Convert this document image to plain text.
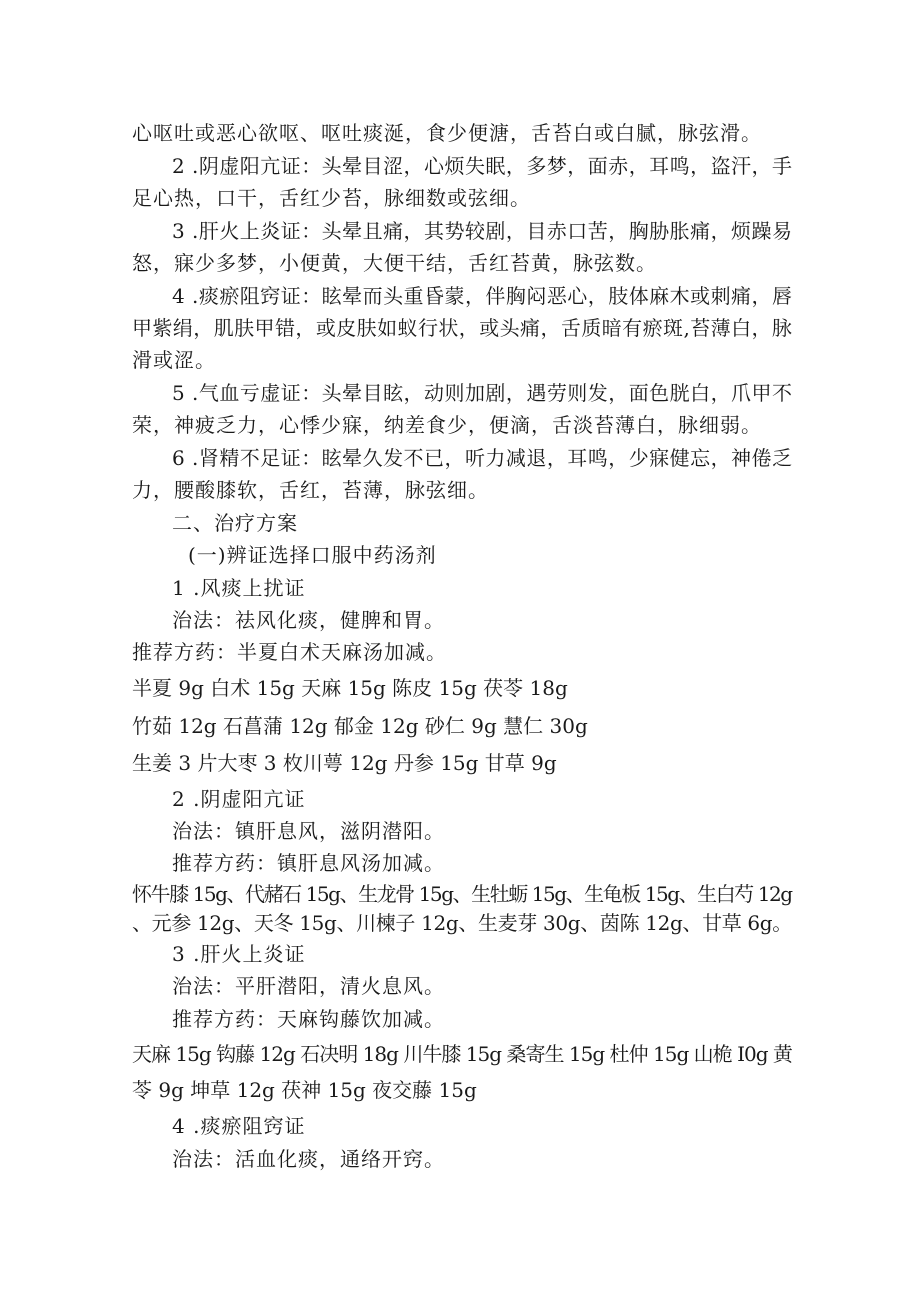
心呕吐或恶心欲呕、呕吐痰涎，食少便溏，舌苔白或白腻，脉弦滑。
2 .阴虚阳亢证：头晕目涩，心烦失眠，多梦，面赤，耳鸣，盗汗，手
足心热，口干，舌红少苔，脉细数或弦细。
3 .肝火上炎证：头晕且痛，其势较剧，目赤口苦，胸胁胀痛，烦躁易
怒，寐少多梦，小便黄，大便干结，舌红苔黄，脉弦数。
4 .痰瘀阻窍证：眩晕而头重昏蒙，伴胸闷恶心，肢体麻木或刺痛，唇
甲紫绢，肌肤甲错，或皮肤如蚁行状，或头痛，舌质暗有瘀斑,苔薄白，脉
滑或涩。
5 .气血亏虚证：头晕目眩，动则加剧，遇劳则发，面色胱白，爪甲不
荣，神疲乏力，心悸少寐，纳差食少，便滴，舌淡苔薄白，脉细弱。
6 .肾精不足证：眩晕久发不已，听力减退，耳鸣，少寐健忘，神倦乏
力，腰酸膝软，舌红，苔薄，脉弦细。
二、治疗方案
(一)辨证选择口服中药汤剂
1 .风痰上扰证
治法：祛风化痰，健脾和胃。
推荐方药：半夏白术天麻汤加减。
半夏 9g 白术 15g 天麻 15g 陈皮 15g 茯苓 18g
竹茹 12g 石菖蒲 12g 郁金 12g 砂仁 9g 慧仁 30g
生姜 3 片大枣 3 枚川萼 12g 丹参 15g 甘草 9g
2 .阴虚阳亢证
治法：镇肝息风，滋阴潜阳。
推荐方药：镇肝息风汤加减。
怀牛膝 15g、代赭石 15g、生龙骨 15g、生牡蛎 15g、生龟板 15g、生白芍 12g
、元参 12g、天冬 15g、川楝子 12g、生麦芽 30g、茵陈 12g、甘草 6g。
3 .肝火上炎证
治法：平肝潜阳，清火息风。
推荐方药：天麻钩藤饮加减。
天麻 15g 钩藤 12g 石决明 18g 川牛膝 15g 桑寄生 15g 杜仲 15g 山桅 I0g 黄
苓 9g 坤草 12g 茯神 15g 夜交藤 15g
4 .痰瘀阻窍证
治法：活血化痰，通络开窍。
